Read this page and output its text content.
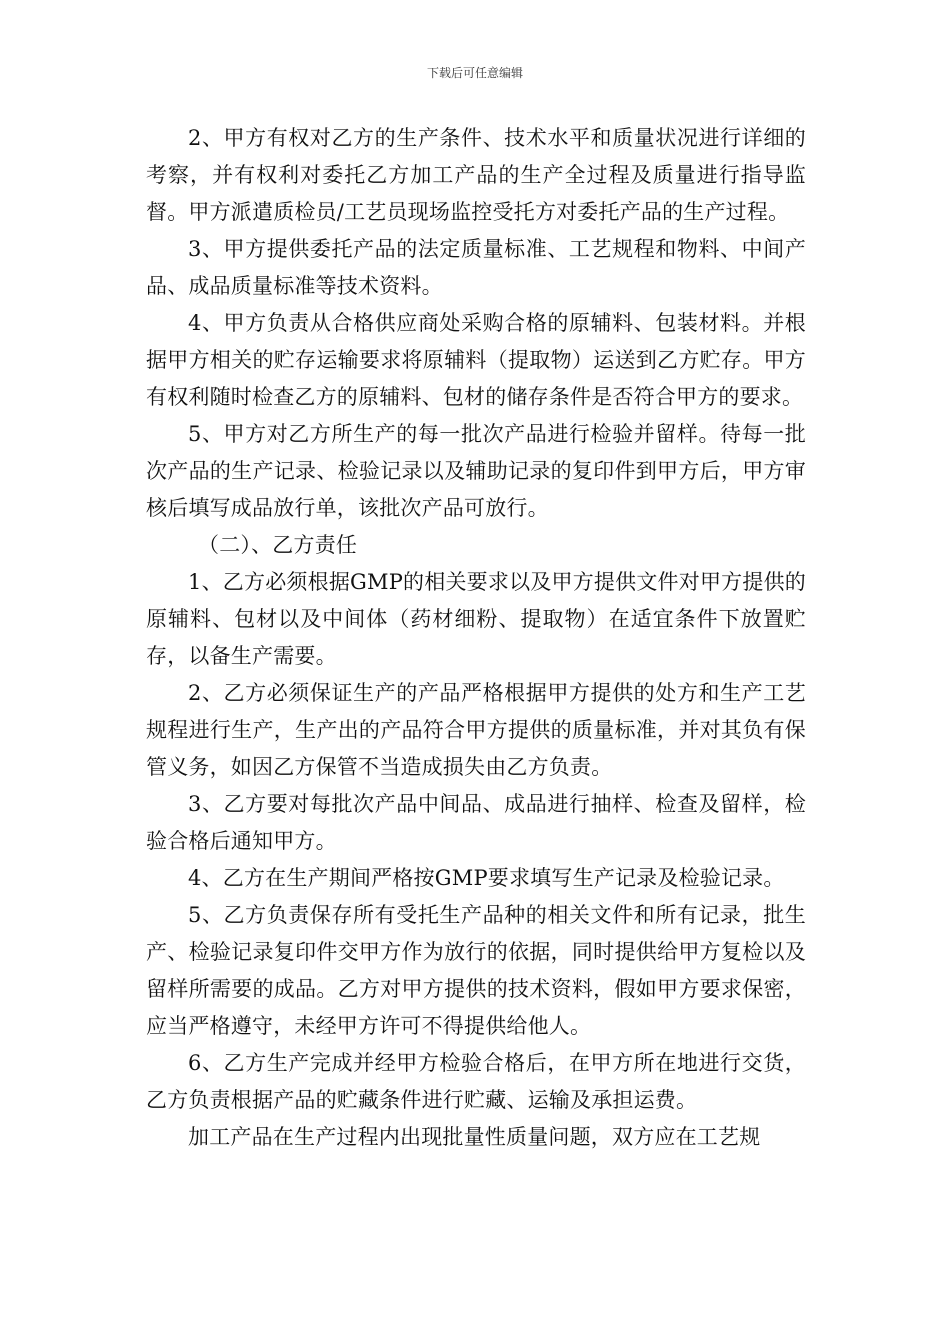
下载后可任意编辑

2、甲方有权对乙方的生产条件、技术水平和质量状况进行详细的考察，并有权利对委托乙方加工产品的生产全过程及质量进行指导监督。甲方派遣质检员/工艺员现场监控受托方对委托产品的生产过程。

3、甲方提供委托产品的法定质量标准、工艺规程和物料、中间产品、成品质量标准等技术资料。

4、甲方负责从合格供应商处采购合格的原辅料、包装材料。并根据甲方相关的贮存运输要求将原辅料（提取物）运送到乙方贮存。甲方有权利随时检查乙方的原辅料、包材的储存条件是否符合甲方的要求。

5、甲方对乙方所生产的每一批次产品进行检验并留样。待每一批次产品的生产记录、检验记录以及辅助记录的复印件到甲方后，甲方审核后填写成品放行单，该批次产品可放行。

（二）、乙方责任

1、乙方必须根据GMP的相关要求以及甲方提供文件对甲方提供的原辅料、包材以及中间体（药材细粉、提取物）在适宜条件下放置贮存，以备生产需要。

2、乙方必须保证生产的产品严格根据甲方提供的处方和生产工艺规程进行生产，生产出的产品符合甲方提供的质量标准，并对其负有保管义务，如因乙方保管不当造成损失由乙方负责。

3、乙方要对每批次产品中间品、成品进行抽样、检查及留样，检验合格后通知甲方。

4、乙方在生产期间严格按GMP要求填写生产记录及检验记录。

5、乙方负责保存所有受托生产品种的相关文件和所有记录，批生产、检验记录复印件交甲方作为放行的依据，同时提供给甲方复检以及留样所需要的成品。乙方对甲方提供的技术资料，假如甲方要求保密，应当严格遵守，未经甲方许可不得提供给他人。

6、乙方生产完成并经甲方检验合格后，在甲方所在地进行交货，乙方负责根据产品的贮藏条件进行贮藏、运输及承担运费。

加工产品在生产过程内出现批量性质量问题，双方应在工艺规
